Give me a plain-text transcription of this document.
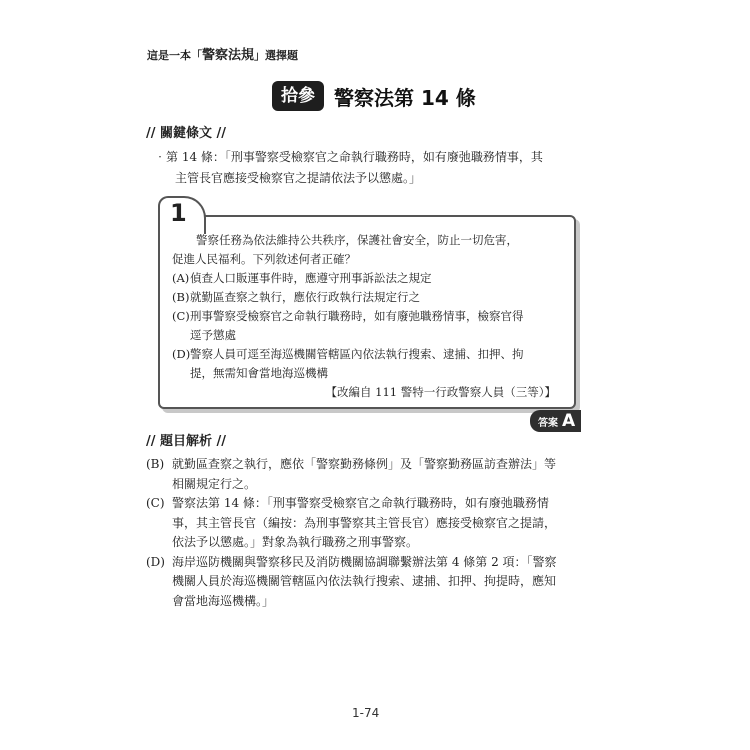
這是一本「警察法規」選擇題
拾參 警察法第 14 條
// 關鍵條文 //
‧第 14 條：「刑事警察受檢察官之命執行職務時，如有廢弛職務情事，其
主管長官應接受檢察官之提請依法予以懲處。」
1
警察任務為依法維持公共秩序，保護社會安全，防止一切危害，
促進人民福利。下列敘述何者正確？
(A) 偵查人口販運事件時，應遵守刑事訴訟法之規定
(B) 就勤區查察之執行，應依行政執行法規定行之
(C) 刑事警察受檢察官之命執行職務時，如有廢弛職務情事，檢察官得
逕予懲處
(D) 警察人員可逕至海巡機關管轄區內依法執行搜索、逮捕、扣押、拘
提，無需知會當地海巡機構
【改編自 111 警特一行政警察人員（三等）】
答案 A
// 題目解析 //
(B) 就勤區查察之執行，應依「警察勤務條例」及「警察勤務區訪查辦法」等
相關規定行之。
(C) 警察法第 14 條：「刑事警察受檢察官之命執行職務時，如有廢弛職務情
事，其主管長官（編按：為刑事警察其主管長官）應接受檢察官之提請，
依法予以懲處。」對象為執行職務之刑事警察。
(D) 海岸巡防機關與警察移民及消防機關協調聯繫辦法第 4 條第 2 項：「警察
機關人員於海巡機關管轄區內依法執行搜索、逮捕、扣押、拘提時，應知
會當地海巡機構。」
1-74
